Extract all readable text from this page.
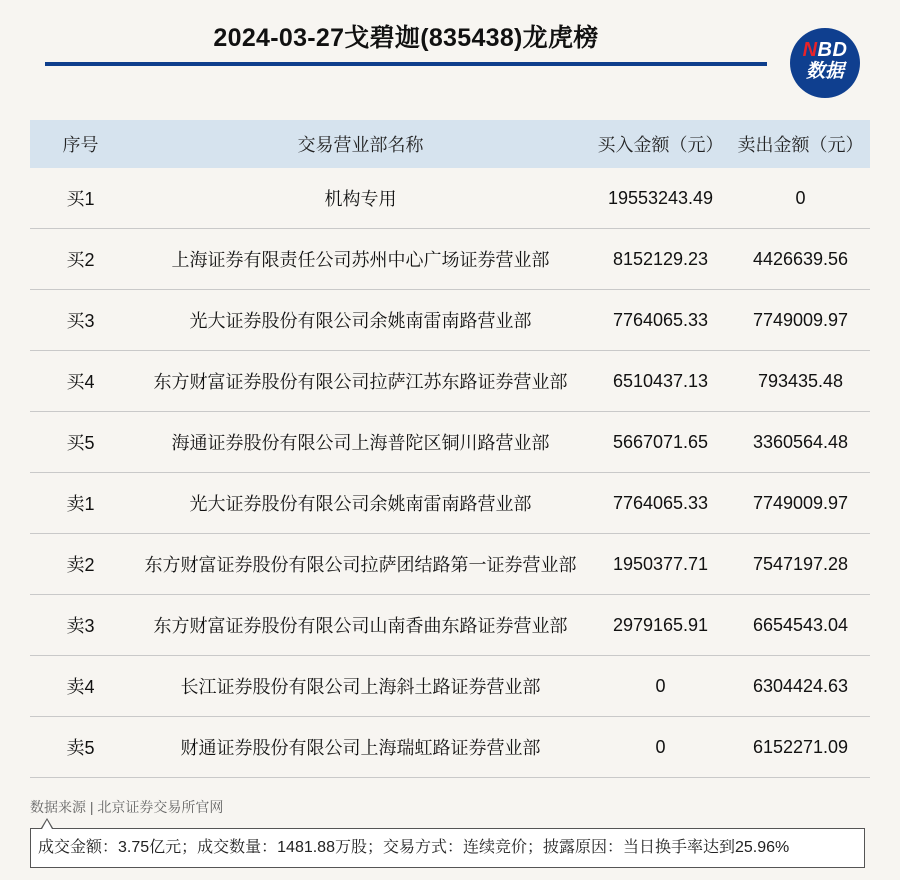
2024-03-27戈碧迦(835438)龙虎榜	NBD
数据
序号	交易营业部名称	买入金额（元）	卖出金额（元）
买1	机构专用	19553243.49	0
买2	上海证券有限责任公司苏州中心广场证券营业部	8152129.23	4426639.56
买3	光大证券股份有限公司余姚南雷南路营业部	7764065.33	7749009.97
买4	东方财富证券股份有限公司拉萨江苏东路证券营业部	6510437.13	793435.48
买5	海通证券股份有限公司上海普陀区铜川路营业部	5667071.65	3360564.48
卖1	光大证券股份有限公司余姚南雷南路营业部	7764065.33	7749009.97
卖2	东方财富证券股份有限公司拉萨团结路第一证券营业部	1950377.71	7547197.28
卖3	东方财富证券股份有限公司山南香曲东路证券营业部	2979165.91	6654543.04
卖4	长江证券股份有限公司上海斜土路证券营业部	0	6304424.63
卖5	财通证券股份有限公司上海瑞虹路证券营业部	0	6152271.09
数据来源 | 北京证券交易所官网
成交金额：3.75亿元；成交数量：1481.88万股；交易方式：连续竞价；披露原因：当日换手率达到25.96%
